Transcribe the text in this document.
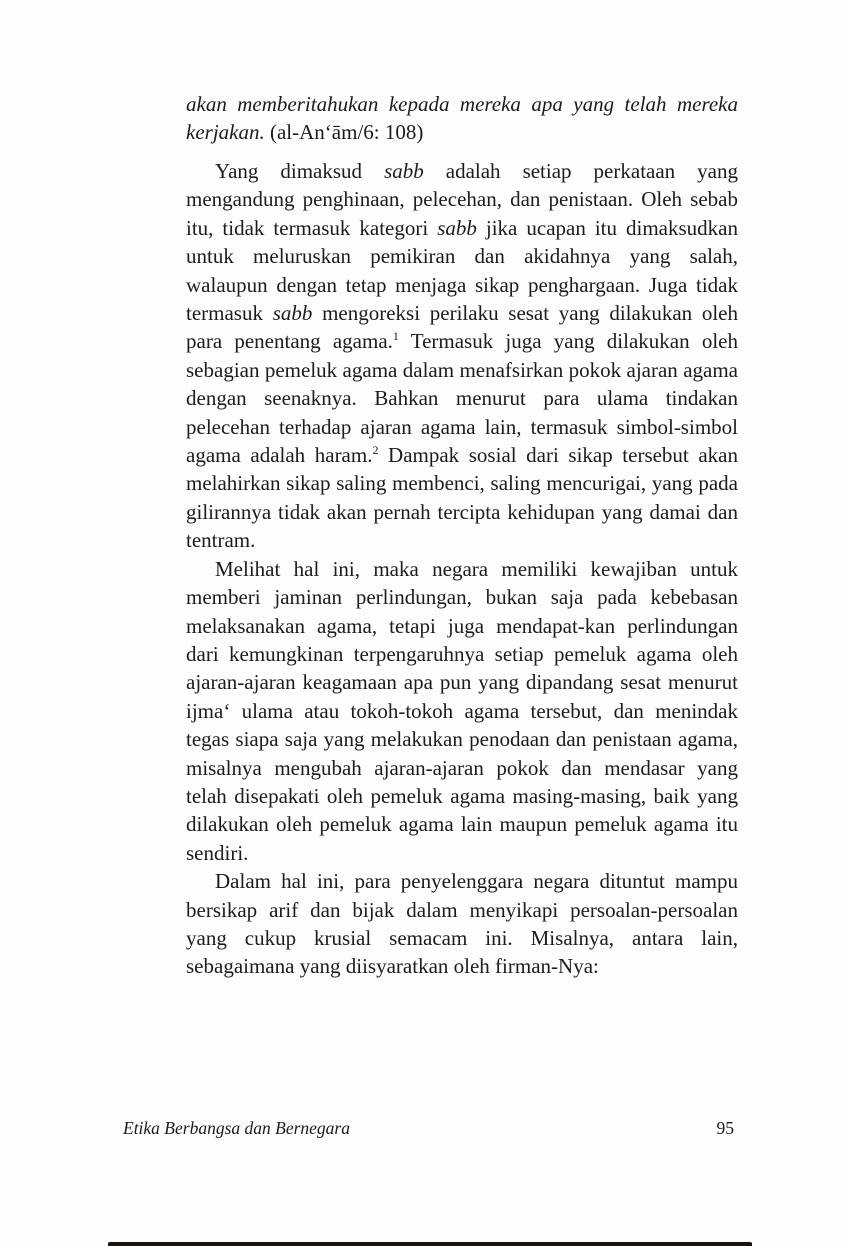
akan memberitahukan kepada mereka apa yang telah mereka kerjakan. (al-An‘ām/6: 108)

Yang dimaksud sabb adalah setiap perkataan yang mengandung penghinaan, pelecehan, dan penistaan. Oleh sebab itu, tidak termasuk kategori sabb jika ucapan itu dimaksudkan untuk meluruskan pemikiran dan akidahnya yang salah, walaupun dengan tetap menjaga sikap penghargaan. Juga tidak termasuk sabb mengoreksi perilaku sesat yang dilakukan oleh para penentang agama.$^1$ Termasuk juga yang dilakukan oleh sebagian pemeluk agama dalam menafsirkan pokok ajaran agama dengan seenaknya. Bahkan menurut para ulama tindakan pelecehan terhadap ajaran agama lain, termasuk simbol-simbol agama adalah haram.$^2$ Dampak sosial dari sikap tersebut akan melahirkan sikap saling membenci, saling mencurigai, yang pada gilirannya tidak akan pernah tercipta kehidupan yang damai dan tentram.

Melihat hal ini, maka negara memiliki kewajiban untuk memberi jaminan perlindungan, bukan saja pada kebebasan melaksanakan agama, tetapi juga mendapat-kan perlindungan dari kemungkinan terpengaruhnya setiap pemeluk agama oleh ajaran-ajaran keagamaan apa pun yang dipandang sesat menurut ijma‘ ulama atau tokoh-tokoh agama tersebut, dan menindak tegas siapa saja yang melakukan penodaan dan penistaan agama, misalnya mengubah ajaran-ajaran pokok dan mendasar yang telah disepakati oleh pemeluk agama masing-masing, baik yang dilakukan oleh pemeluk agama lain maupun pemeluk agama itu sendiri.

Dalam hal ini, para penyelenggara negara dituntut mampu bersikap arif dan bijak dalam menyikapi persoalan-persoalan yang cukup krusial semacam ini. Misalnya, antara lain, sebagaimana yang diisyaratkan oleh firman-Nya:

Etika Berbangsa dan Bernegara	95
